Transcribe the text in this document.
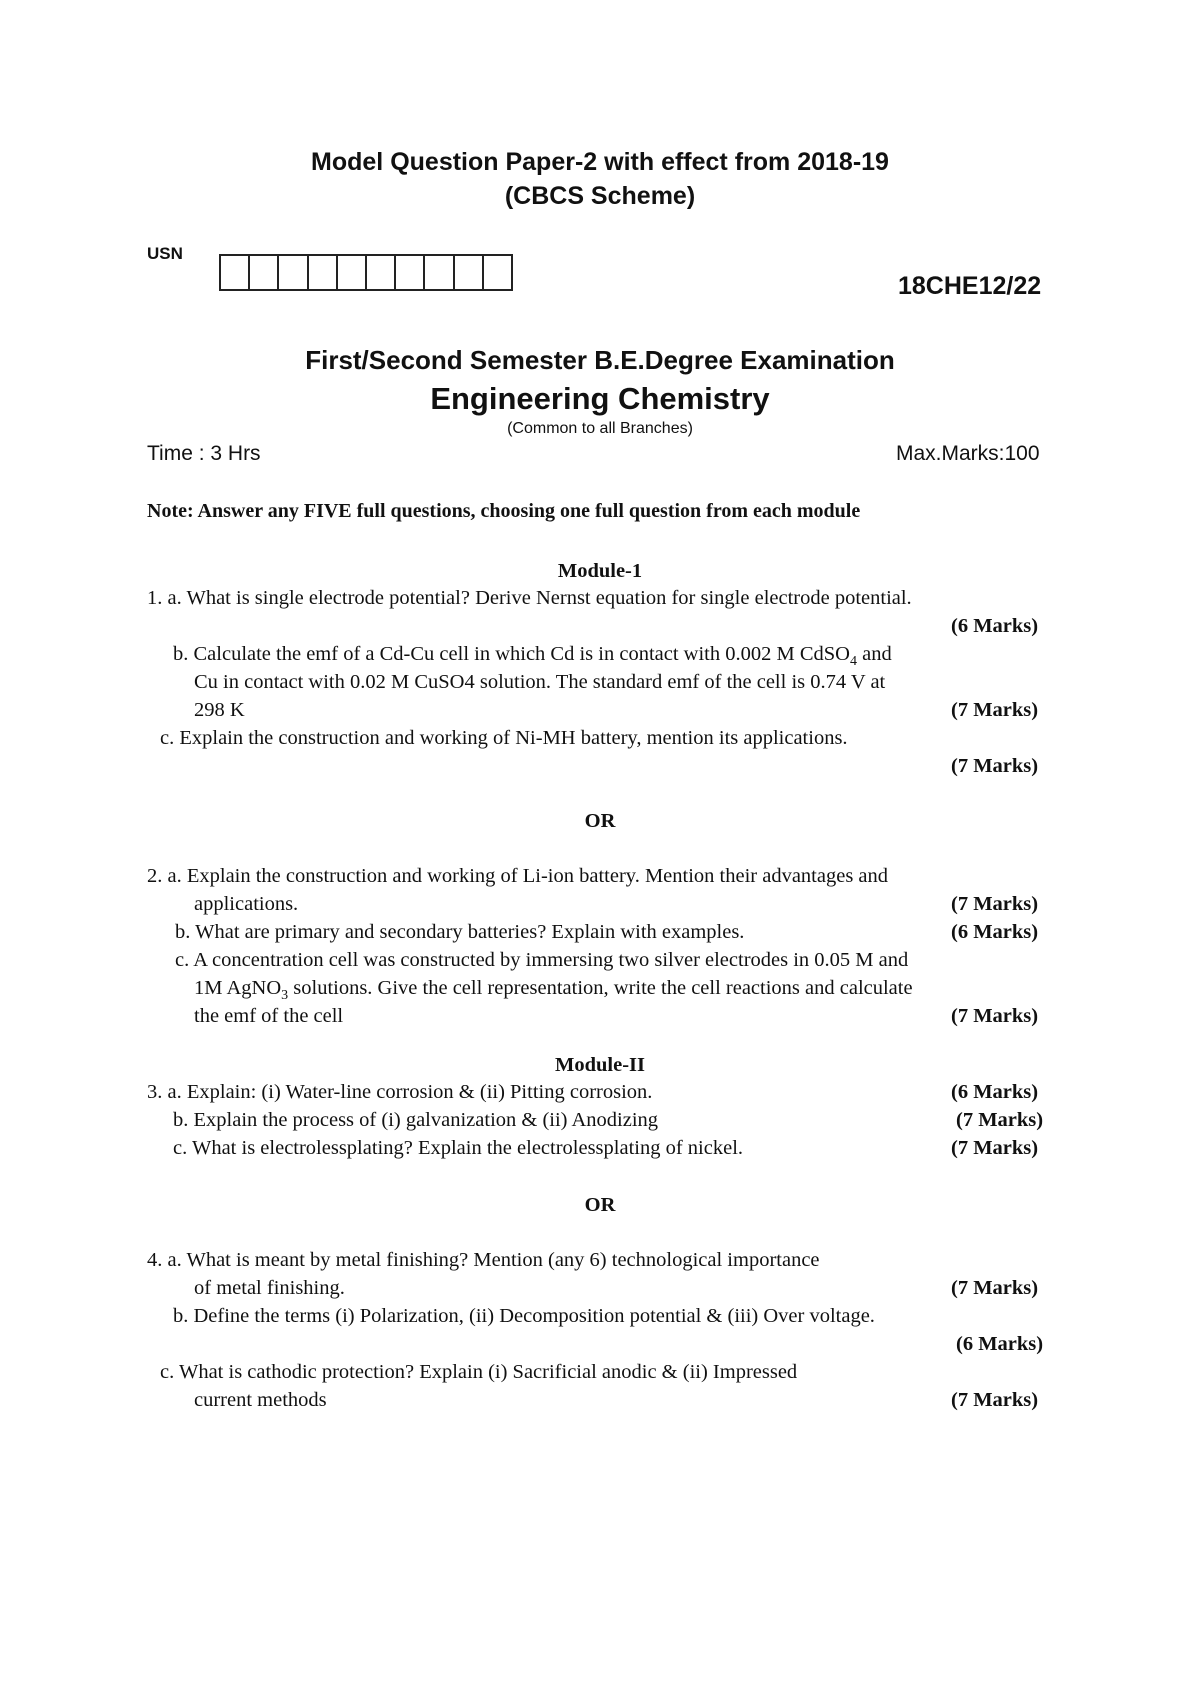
Model Question Paper-2 with effect from 2018-19
(CBCS Scheme)
USN
18CHE12/22
First/Second Semester B.E.Degree Examination
Engineering Chemistry
(Common to all Branches)
Time : 3 Hrs	Max.Marks:100
Note: Answer any FIVE full questions, choosing one full question from each module
Module-1
1. a. What is single electrode potential? Derive Nernst equation for single electrode potential.
(6 Marks)
b. Calculate the emf of a Cd-Cu cell in which Cd is in contact with 0.002 M CdSO$_4$ and
Cu in contact with 0.02 M CuSO4 solution. The standard emf of the cell is 0.74 V at
298 K	(7 Marks)
c. Explain the construction and working of Ni-MH battery, mention its applications.
(7 Marks)
OR
2. a. Explain the construction and working of Li-ion battery. Mention their advantages and
applications.	(7 Marks)
b. What are primary and secondary batteries? Explain with examples.	(6 Marks)
c. A concentration cell was constructed by immersing two silver electrodes in 0.05 M and
1M AgNO$_3$ solutions. Give the cell representation, write the cell reactions and calculate
the emf of the cell	(7 Marks)
Module-II
3. a. Explain: (i) Water-line corrosion & (ii) Pitting corrosion.	(6 Marks)
b. Explain the process of (i) galvanization & (ii) Anodizing	(7 Marks)
c. What is electrolessplating? Explain the electrolessplating of nickel.	(7 Marks)
OR
4. a. What is meant by metal finishing? Mention (any 6) technological importance
of metal finishing.	(7 Marks)
b. Define the terms (i) Polarization, (ii) Decomposition potential & (iii) Over voltage.
(6 Marks)
c. What is cathodic protection? Explain (i) Sacrificial anodic & (ii) Impressed
current methods	(7 Marks)
